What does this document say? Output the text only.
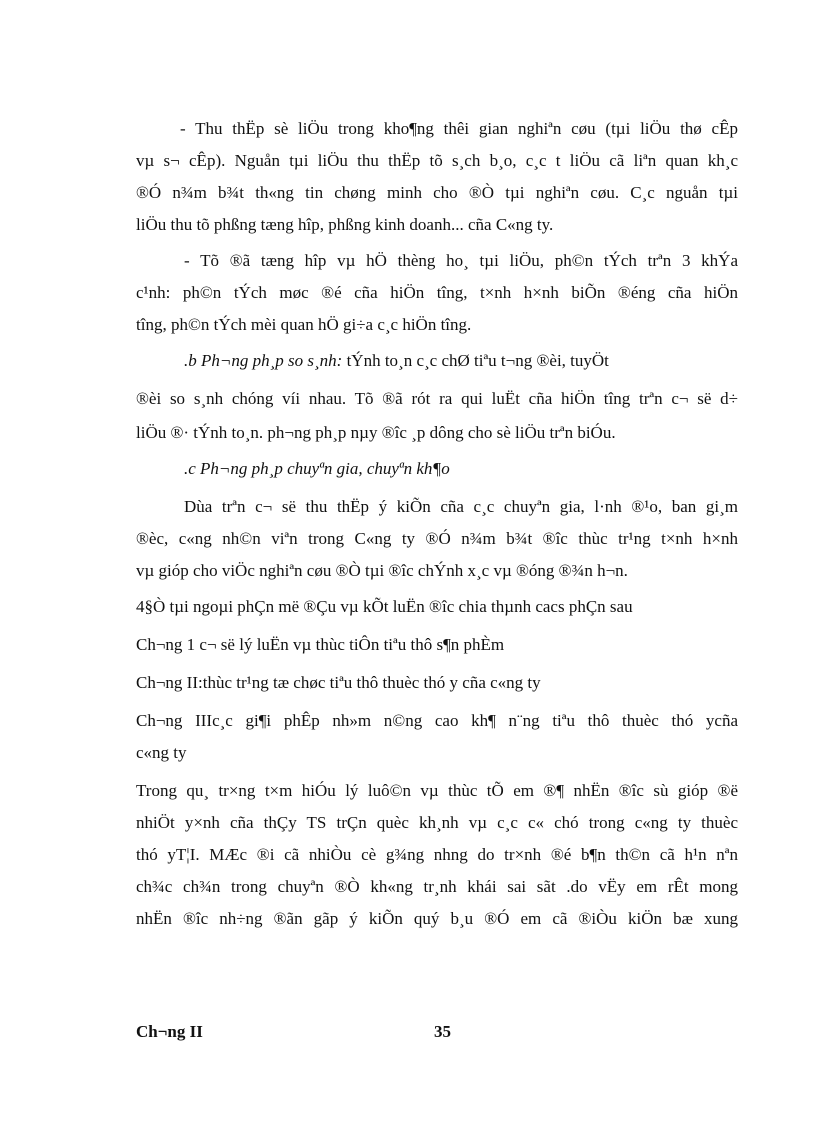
- Thu thËp sè liÖu trong kho¶ng thêi gian nghiªn cøu (tµi liÖu thø cÊp
vµ s¬ cÊp). Nguån tµi liÖu thu thËp tõ s¸ch b¸o, c¸c t liÖu cã liªn quan kh¸c
®Ó n¾m b¾t th«ng tin chøng minh cho ®Ò tµi nghiªn cøu. C¸c nguån tµi
liÖu thu tõ phßng tæng hîp, phßng kinh doanh... cña C«ng ty.
- Tõ ®ã tæng hîp vµ hÖ thèng ho¸ tµi liÖu, ph©n tÝch trªn 3 khÝa
c¹nh: ph©n tÝch møc ®é cña hiÖn tîng, t×nh h×nh biÕn ®éng cña hiÖn
tîng, ph©n tÝch mèi quan hÖ gi÷a c¸c hiÖn tîng.
.b Ph¬ng ph¸p so s¸nh: tÝnh to¸n c¸c chØ tiªu t¬ng ®èi, tuyÖt
®èi so s¸nh chóng víi nhau. Tõ ®ã rót ra qui luËt cña hiÖn tîng trªn c¬ së d÷
liÖu ®· tÝnh to¸n. ph¬ng ph¸p nµy ®îc ¸p dông cho sè liÖu trªn biÓu.
.c Ph¬ng ph¸p chuyªn gia, chuyªn kh¶o
Dùa trªn c¬ së thu thËp ý kiÕn cña c¸c chuyªn gia, l·nh ®¹o, ban gi¸m
®èc, c«ng nh©n viªn trong C«ng ty ®Ó n¾m b¾t ®îc thùc tr¹ng t×nh h×nh
vµ gióp cho viÖc nghiªn cøu ®Ò tµi ®îc chÝnh x¸c vµ ®óng ®¾n h¬n.
4§Ò tµi ngoµi phÇn më ®Çu vµ kÕt luËn ®îc chia thµnh cacs phÇn sau
Ch¬ng 1 c¬ së lý luËn vµ thùc tiÔn tiªu thô s¶n phÈm
Ch¬ng II:thùc tr¹ng tæ chøc tiªu thô thuèc thó y cña c«ng ty
Ch¬ng IIIc¸c gi¶i phÊp nh»m n©ng cao kh¶ n¨ng tiªu thô thuèc thó ycña
c«ng ty
Trong qu¸ tr×ng t×m hiÓu lý luô©n vµ thùc tÕ em ®¶ nhËn ®îc sù gióp ®ë
nhiÖt y×nh cña thÇy TS trÇn quèc kh¸nh vµ c¸c c« chó trong c«ng ty thuèc
thó yT¦I. MÆc ®i cã nhiÒu cè g¾ng nhng do tr×nh ®é b¶n th©n cã h¹n nªn
ch¾c ch¾n trong chuyªn ®Ò kh«ng tr¸nh khái sai sãt .do vËy em rÊt mong
nhËn ®îc nh÷ng ®ãn gãp ý kiÕn quý b¸u ®Ó em cã ®iÒu kiÖn bæ xung
Ch¬ng II	35
